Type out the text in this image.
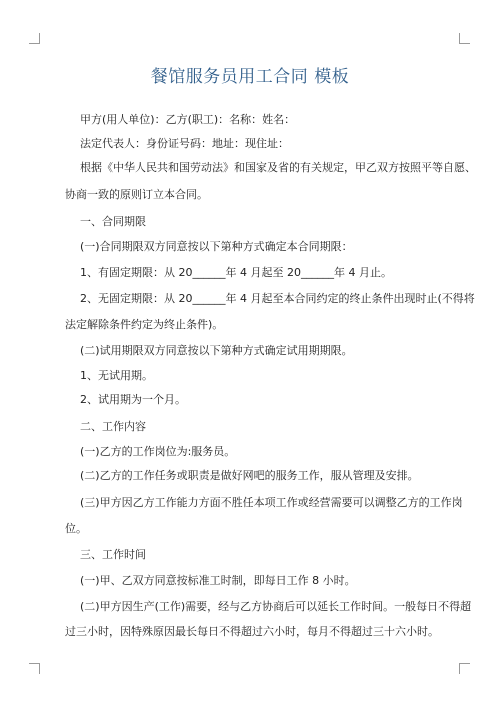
餐馆服务员用工合同 模板
甲方(用人单位)：乙方(职工)：名称：姓名：
法定代表人：身份证号码：地址：现住址：
根据《中华人民共和国劳动法》和国家及省的有关规定，甲乙双方按照平等自愿、
协商一致的原则订立本合同。
一、合同期限
(一)合同期限双方同意按以下第种方式确定本合同期限：
1、有固定期限：从 20______年 4 月起至 20______年 4 月止。
2、无固定期限：从 20______年 4 月起至本合同约定的终止条件出现时止(不得将
法定解除条件约定为终止条件)。
(二)试用期限双方同意按以下第种方式确定试用期期限。
1、无试用期。
2、试用期为一个月。
二、工作内容
(一)乙方的工作岗位为:服务员。
(二)乙方的工作任务或职责是做好网吧的服务工作，服从管理及安排。
(三)甲方因乙方工作能力方面不胜任本项工作或经营需要可以调整乙方的工作岗
位。
三、工作时间
(一)甲、乙双方同意按标准工时制，即每日工作 8 小时。
(二)甲方因生产(工作)需要，经与乙方协商后可以延长工作时间。一般每日不得超
过三小时，因特殊原因最长每日不得超过六小时，每月不得超过三十六小时。
